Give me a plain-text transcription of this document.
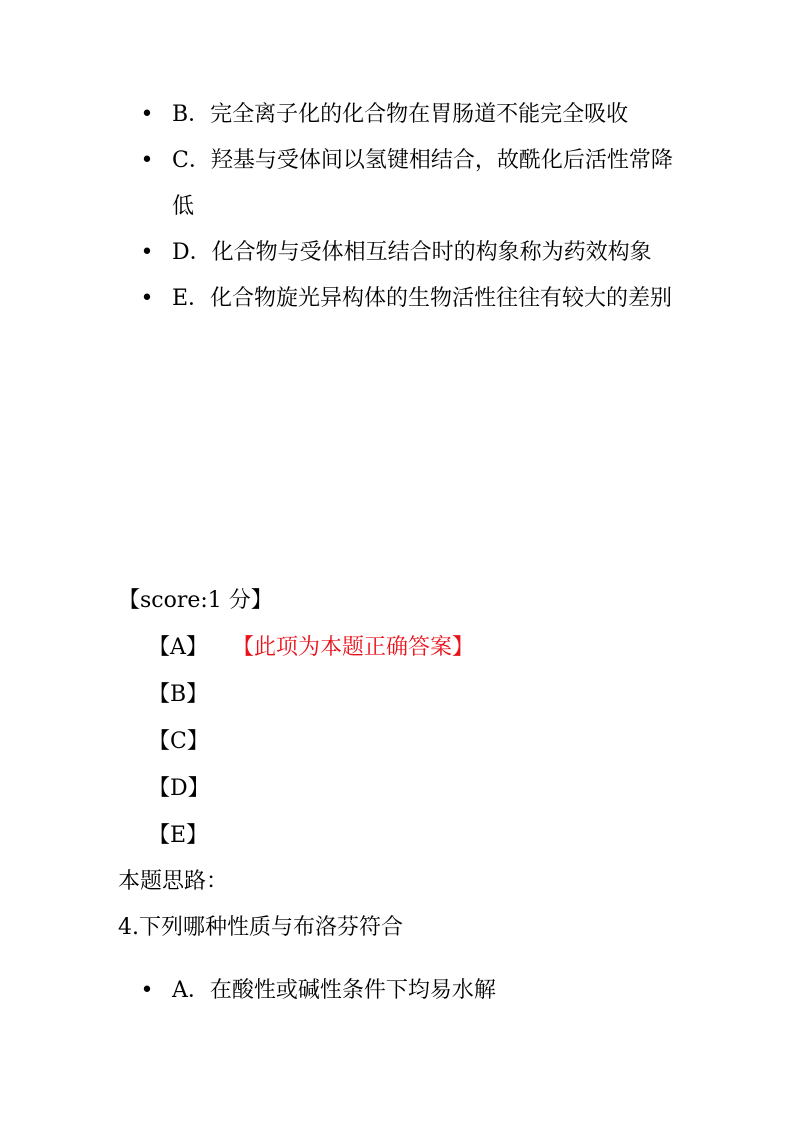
• B．完全离子化的化合物在胃肠道不能完全吸收
• C．羟基与受体间以氢键相结合，故酰化后活性常降低
• D．化合物与受体相互结合时的构象称为药效构象
• E．化合物旋光异构体的生物活性往往有较大的差别

【score:1 分】

【A】 【此项为本题正确答案】

【B】

【C】

【D】

【E】

本题思路：

4.下列哪种性质与布洛芬符合

• A．在酸性或碱性条件下均易水解
